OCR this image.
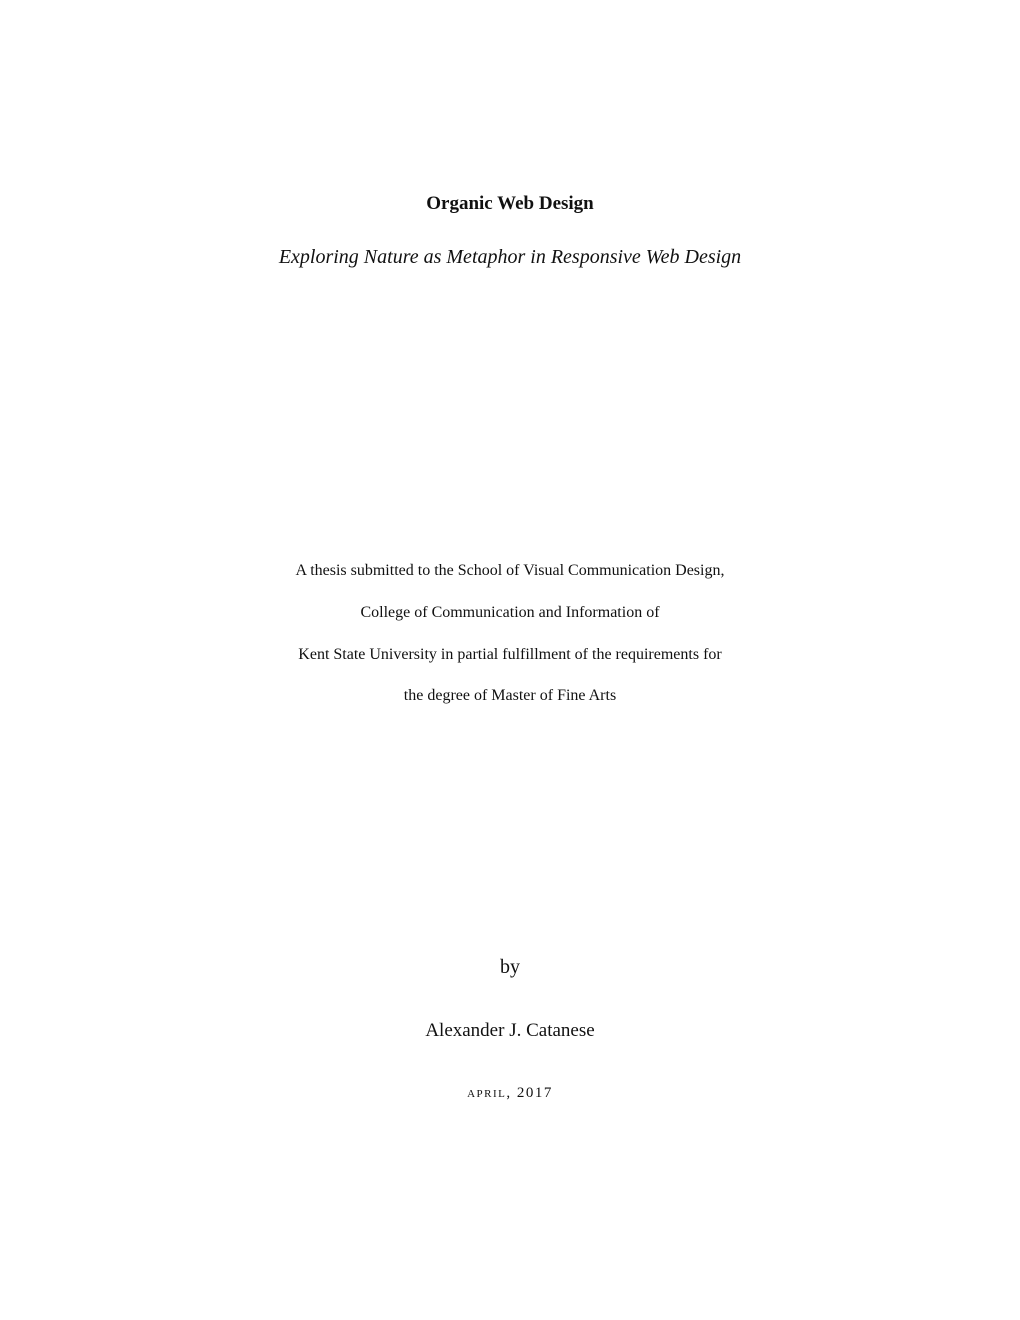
Organic Web Design
Exploring Nature as Metaphor in Responsive Web Design
A thesis submitted to the School of Visual Communication Design,
College of Communication and Information of
Kent State University in partial fulfillment of the requirements for
the degree of Master of Fine Arts
by
Alexander J. Catanese
april, 2017
